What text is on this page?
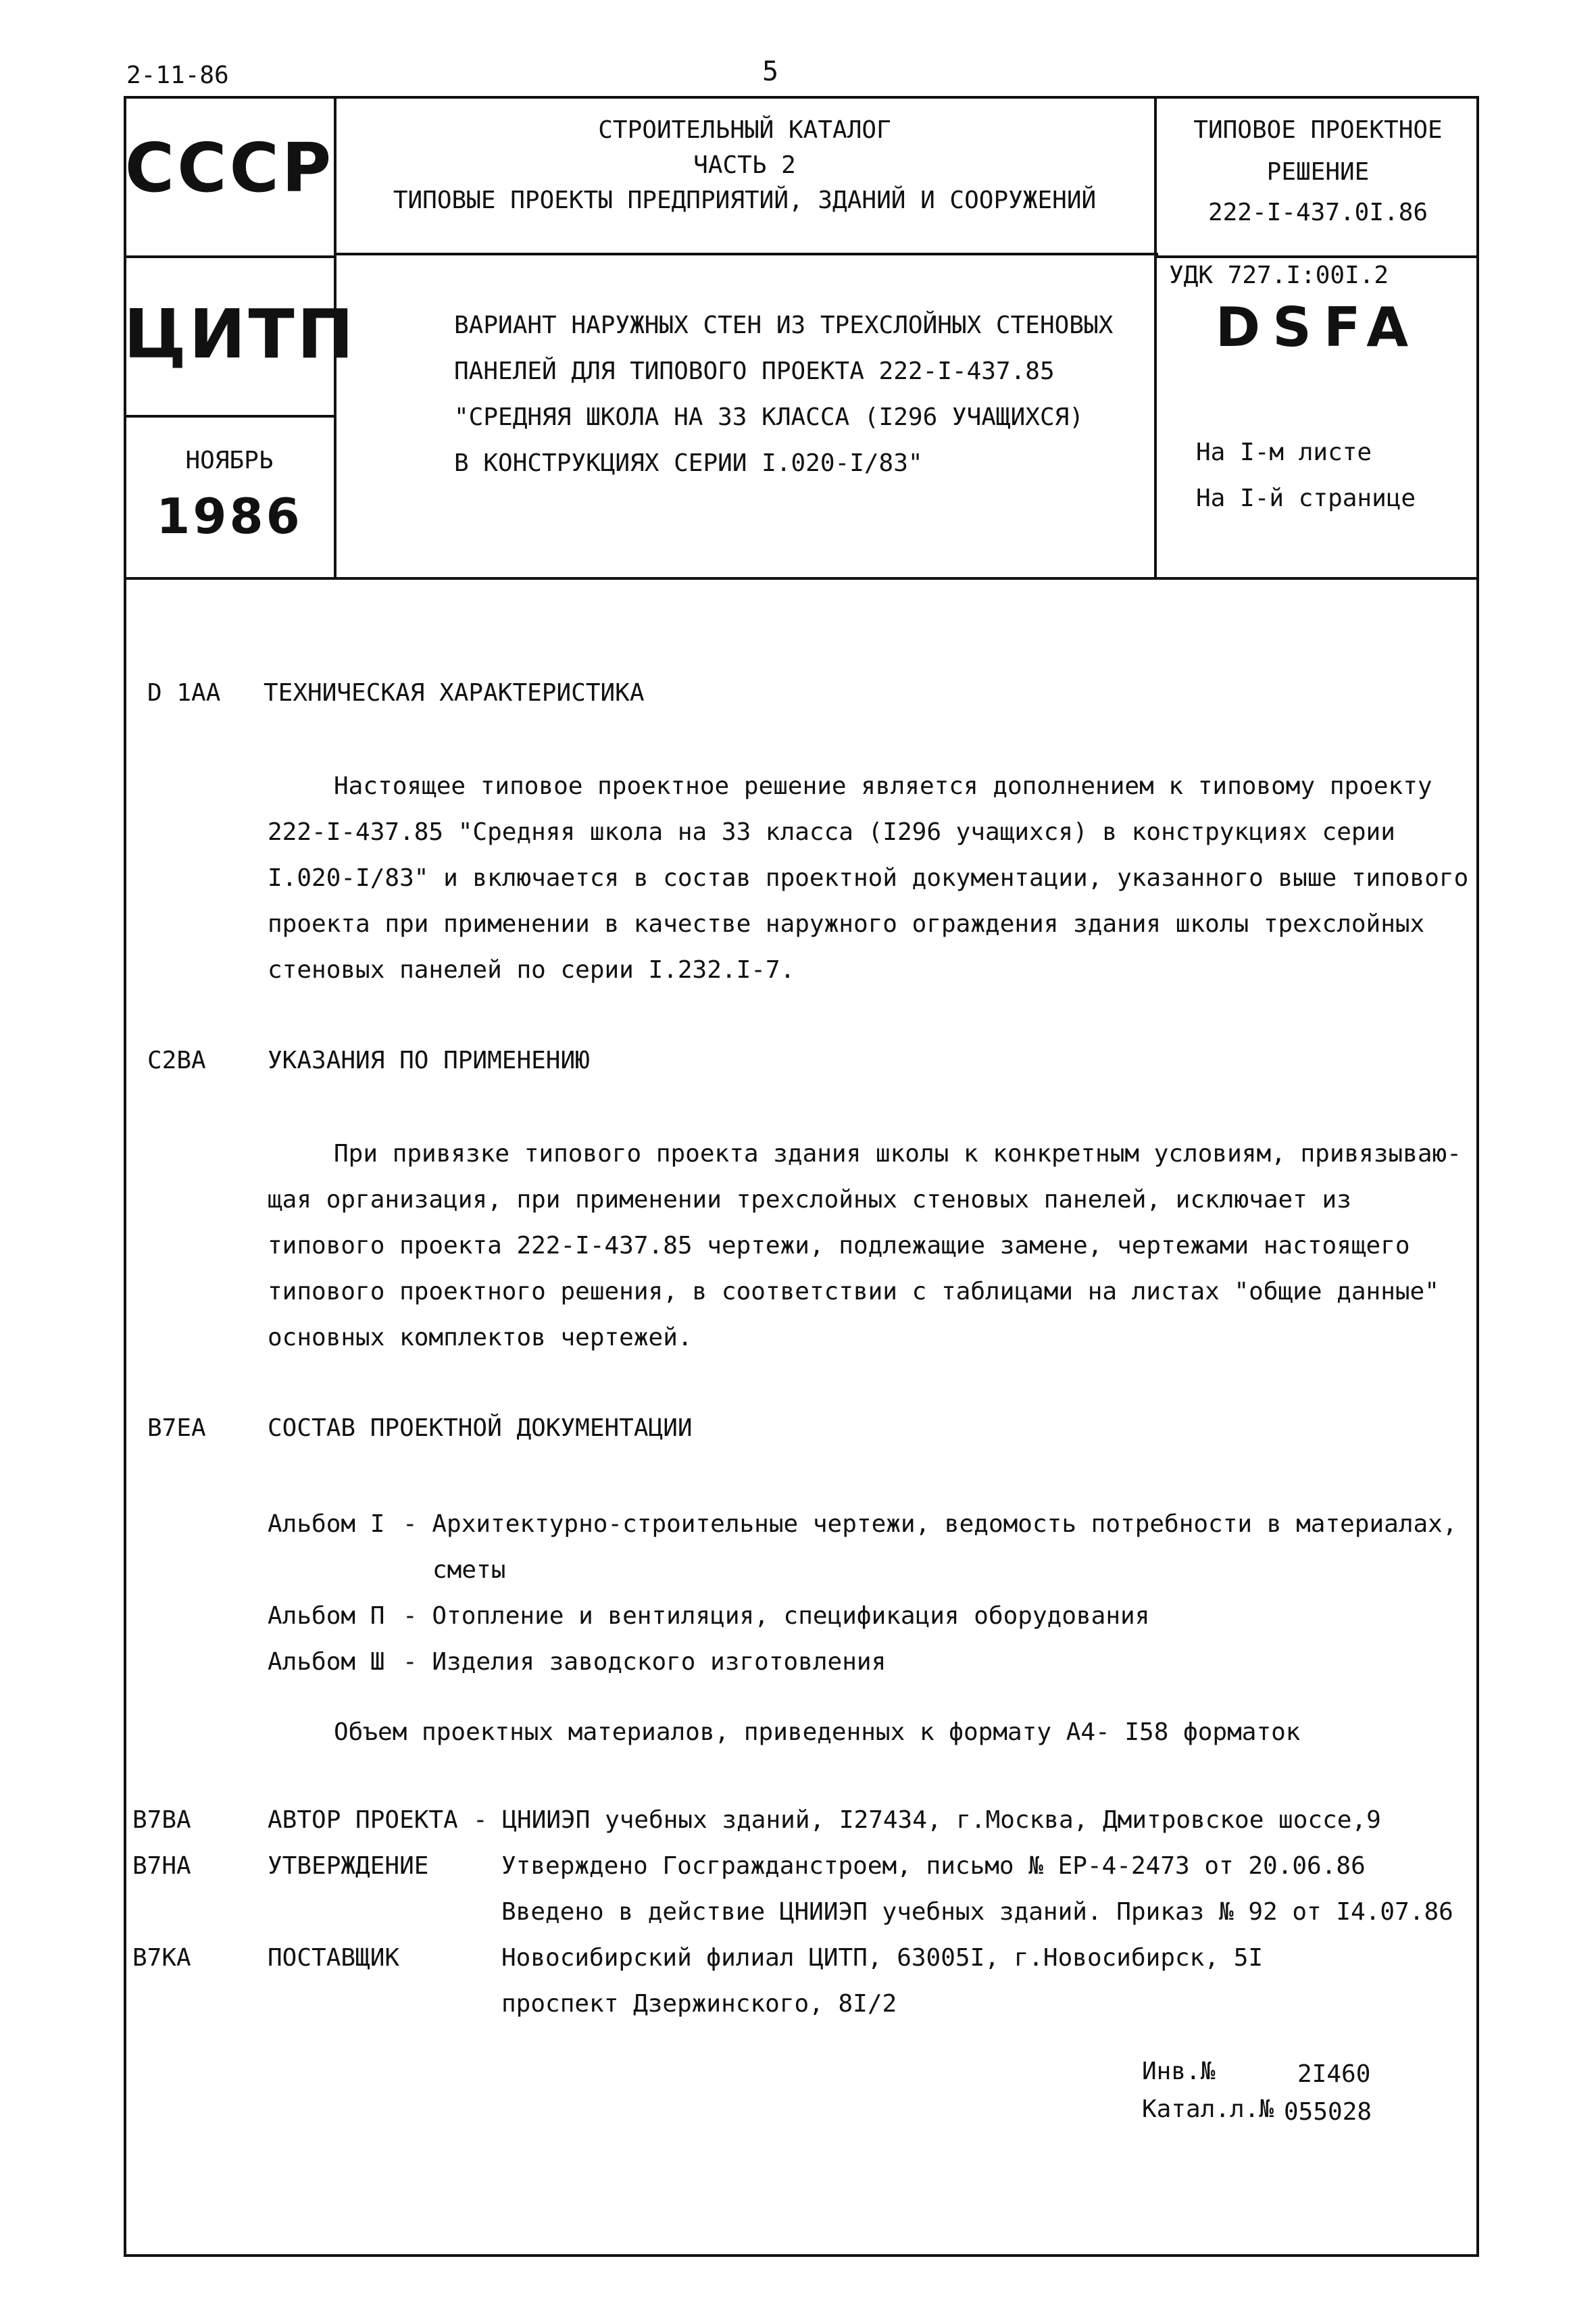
2-11-86	5
СССР
ЦИТП
НОЯБРЬ
1986
СТРОИТЕЛЬНЫЙ КАТАЛОГ
ЧАСТЬ 2
ТИПОВЫЕ ПРОЕКТЫ ПРЕДПРИЯТИЙ, ЗДАНИЙ И СООРУЖЕНИЙ
ВАРИАНТ НАРУЖНЫХ СТЕН ИЗ ТРЕХСЛОЙНЫХ СТЕНОВЫХ
ПАНЕЛЕЙ ДЛЯ ТИПОВОГО ПРОЕКТА 222-I-437.85
"СРЕДНЯЯ ШКОЛА НА 33 КЛАССА (I296 УЧАЩИХСЯ)
В КОНСТРУКЦИЯХ СЕРИИ I.020-I/83"
ТИПОВОЕ ПРОЕКТНОЕ
РЕШЕНИЕ
222-I-437.0I.86
УДК 727.I:00I.2
DSFA
На I-м листе
На I-й странице
D 1AA ТЕХНИЧЕСКАЯ ХАРАКТЕРИСТИКА
Настоящее типовое проектное решение является дополнением к типовому проекту
222-I-437.85 "Средняя школа на 33 класса (I296 учащихся) в конструкциях серии
I.020-I/83" и включается в состав проектной документации, указанного выше типового
проекта при применении в качестве наружного ограждения здания школы трехслойных
стеновых панелей по серии I.232.I-7.
C2BA	УКАЗАНИЯ ПО ПРИМЕНЕНИЮ
При привязке типового проекта здания школы к конкретным условиям, привязываю-
щая организация, при применении трехслойных стеновых панелей, исключает из
типового проекта 222-I-437.85 чертежи, подлежащие замене, чертежами настоящего
типового проектного решения, в соответствии с таблицами на листах "общие данные"
основных комплектов чертежей.
B7EA	СОСТАВ ПРОЕКТНОЙ ДОКУМЕНТАЦИИ
Альбом I - Архитектурно-строительные чертежи, ведомость потребности в материалах,
сметы
Альбом П - Отопление и вентиляция, спецификация оборудования
Альбом Ш - Изделия заводского изготовления
Объем проектных материалов, приведенных к формату А4- I58 форматок
B7BA	АВТОР ПРОЕКТА - ЦНИИЭП учебных зданий, I27434, г.Москва, Дмитровское шоссе,9
B7HA	УТВЕРЖДЕНИЕ	Утверждено Госгражданстроем, письмо № ЕР-4-2473 от 20.06.86
Введено в действие ЦНИИЭП учебных зданий. Приказ № 92 от I4.07.86
B7KA	ПОСТАВЩИК	Новосибирский филиал ЦИТП, 63005I, г.Новосибирск, 5I
проспект Дзержинского, 8I/2
Инв.№	2I460
Катал.л.№ 055028
